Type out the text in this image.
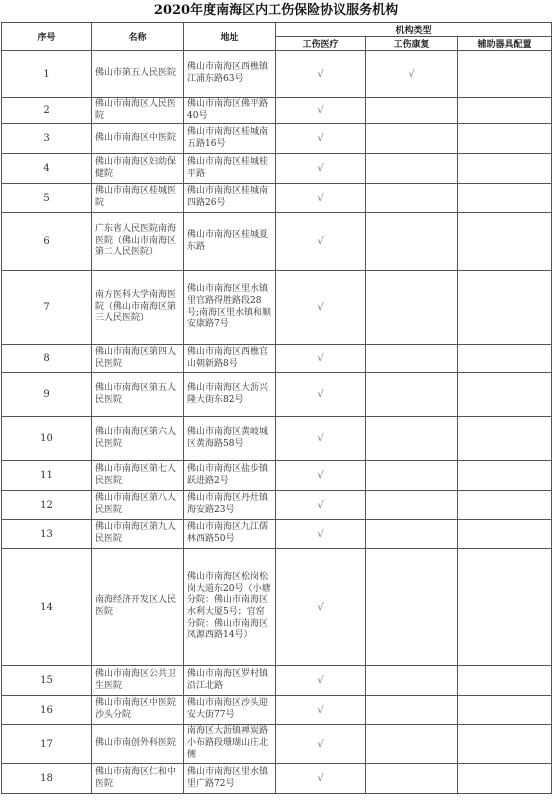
2020年度南海区内工伤保险协议服务机构
序号	名称	地址	机构类型		
			工伤医疗	工伤康复	辅助器具配置
1	佛山市第五人民医院	佛山市南海区西樵镇江浦东路63号	√	√	
2	佛山市南海区人民医院	佛山市南海区佛平路40号	√		
3	佛山市南海区中医院	佛山市南海区桂城南五路16号	√		
4	佛山市南海区妇幼保健院	佛山市南海区桂城桂平路	√		
5	佛山市南海区桂城医院	佛山市南海区桂城南四路26号	√		
6	广东省人民医院南海医院（佛山市南海区第二人民医院）	佛山市南海区桂城夏东路	√		
7	南方医科大学南海医院（佛山市南海区第三人民医院）	佛山市南海区里水镇里官路得胜路段28号;南海区里水镇和顺安康路7号	√		
8	佛山市南海区第四人民医院	佛山市南海区西樵官山朝新路8号	√		
9	佛山市南海区第五人民医院	佛山市南海区大沥兴隆大街东82号	√		
10	佛山市南海区第六人民医院	佛山市南海区黄岐城区黄海路58号	√		
11	佛山市南海区第七人民医院	佛山市南海区盐步镇跃进路2号	√		
12	佛山市南海区第八人民医院	佛山市南海区丹灶镇海安路23号	√		
13	佛山市南海区第九人民医院	佛山市南海区九江儒林西路50号	√		
14	南海经济开发区人民医院	佛山市南海区松岗松岗大道东20号（小塘分院：佛山市南海区水利大厦5号；官窑分院：佛山市南海区凤源西路14号）	√		
15	佛山市南海区公共卫生医院	佛山市南海区罗村镇沿江北路	√		
16	佛山市南海区中医院沙头分院	佛山市南海区沙头迎安大街77号	√		
17	佛山市南创外科医院	南海区大沥镇禅炭路小布路段珊瑚山庄北侧	√		
18	佛山市南海区仁和中医院	佛山市南海区里水镇里广路72号	√		
